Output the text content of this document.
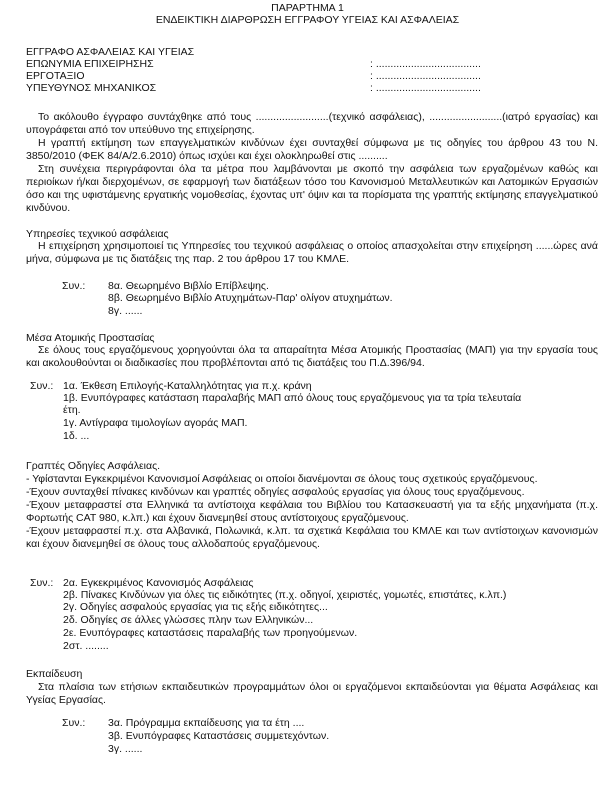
ΠΑΡΑΡΤΗΜΑ 1
ΕΝΔΕΙΚΤΙΚΗ ΔΙΑΡΘΡΩΣΗ ΕΓΓΡΑΦΟΥ ΥΓΕΙΑΣ ΚΑΙ ΑΣΦΑΛΕΙΑΣ
ΕΓΓΡΑΦΟ ΑΣΦΑΛΕΙΑΣ ΚΑΙ ΥΓΕΙΑΣ
ΕΠΩΝΥΜΙΑ ΕΠΙΧΕΙΡΗΣΗΣ	: ....................................
ΕΡΓΟΤΑΞΙΟ	: ....................................
ΥΠΕΥΘΥΝΟΣ ΜΗΧΑΝΙΚΟΣ	: ....................................

Το ακόλουθο έγγραφο συντάχθηκε από τους .........................(τεχνικό ασφάλειας), .........................(ιατρό εργασίας) και υπογράφεται από τον υπεύθυνο της επιχείρησης.

Η γραπτή εκτίμηση των επαγγελματικών κινδύνων έχει συνταχθεί σύμφωνα με τις οδηγίες του άρθρου 43 του Ν. 3850/2010 (ΦΕΚ 84/Α/2.6.2010) όπως ισχύει και έχει ολοκληρωθεί στις ..........

Στη συνέχεια περιγράφονται όλα τα μέτρα που λαμβάνονται με σκοπό την ασφάλεια των εργαζομένων καθώς και περιοίκων ή/και διερχομένων, σε εφαρμογή των διατάξεων τόσο του Κανονισμού Μεταλλευτικών και Λατομικών Εργασιών όσο και της υφιστάμενης εργατικής νομοθεσίας, έχοντας υπ' όψιν και τα πορίσματα της γραπτής εκτίμησης επαγγελματικού κινδύνου.

Υπηρεσίες τεχνικού ασφάλειας

Η επιχείρηση χρησιμοποιεί τις Υπηρεσίες του τεχνικού ασφάλειας ο οποίος απασχολείται στην επιχείρηση ......ώρες ανά μήνα, σύμφωνα με τις διατάξεις της παρ. 2 του άρθρου 17 του ΚΜΛΕ.

Συν.: 8α. Θεωρημένο Βιβλίο Επίβλεψης.
8β. Θεωρημένο Βιβλίο Ατυχημάτων-Παρ' ολίγον ατυχημάτων.
8γ. ......
Μέσα Ατομικής Προστασίας

Σε όλους τους εργαζόμενους χορηγούνται όλα τα απαραίτητα Μέσα Ατομικής Προστασίας (ΜΑΠ) για την εργασία τους και ακολουθούνται οι διαδικασίες που προβλέπονται από τις διατάξεις του Π.Δ.396/94.

Συν.: 1α. Έκθεση Επιλογής-Καταλληλότητας για π.χ. κράνη
1β. Ενυπόγραφες κατάσταση παραλαβής ΜΑΠ από όλους τους εργαζόμενους για τα τρία τελευταία
έτη.
1γ. Αντίγραφα τιμολογίων αγοράς ΜΑΠ.
1δ. ...
Γραπτές Οδηγίες Ασφάλειας.

- Υφίστανται Εγκεκριμένοι Κανονισμοί Ασφάλειας οι οποίοι διανέμονται σε όλους τους σχετικούς εργαζόμενους.

-Έχουν συνταχθεί πίνακες κινδύνων και γραπτές οδηγίες ασφαλούς εργασίας για όλους τους εργαζόμενους.

-Έχουν μεταφραστεί στα Ελληνικά τα αντίστοιχα κεφάλαια του Βιβλίου του Κατασκευαστή για τα εξής μηχανήματα (π.χ. Φορτωτής CAT 980, κ.λπ.) και έχουν διανεμηθεί στους αντίστοιχους εργαζόμενους.

-Έχουν μεταφραστεί π.χ. στα Αλβανικά, Πολωνικά, κ.λπ. τα σχετικά Κεφάλαια του ΚΜΛΕ και των αντίστοιχων κανονισμών και έχουν διανεμηθεί σε όλους τους αλλοδαπούς εργαζόμενους.

Συν.: 2α. Εγκεκριμένος Κανονισμός Ασφάλειας
2β. Πίνακες Κινδύνων για όλες τις ειδικότητες (π.χ. οδηγοί, χειριστές, γομωτές, επιστάτες, κ.λπ.)
2γ. Οδηγίες ασφαλούς εργασίας για τις εξής ειδικότητες...
2δ. Οδηγίες σε άλλες γλώσσες πλην των Ελληνικών...
2ε. Ενυπόγραφες καταστάσεις παραλαβής των προηγούμενων.
2στ. ........
Εκπαίδευση

Στα πλαίσια των ετήσιων εκπαιδευτικών προγραμμάτων όλοι οι εργαζόμενοι εκπαιδεύονται για θέματα Ασφάλειας και Υγείας Εργασίας.

Συν.: 3α. Πρόγραμμα εκπαίδευσης για τα έτη ....
3β. Ενυπόγραφες Καταστάσεις συμμετεχόντων.
3γ. ......
